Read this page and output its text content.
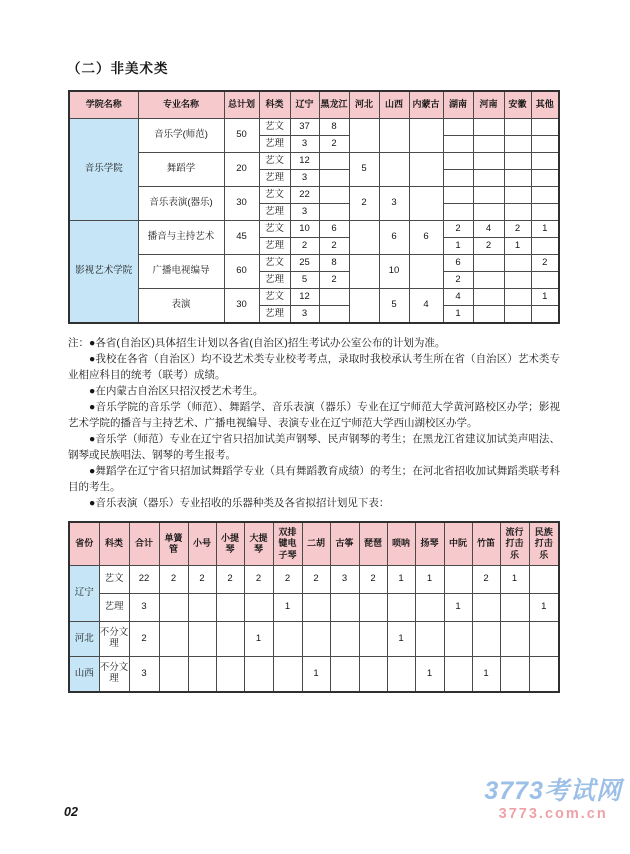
（二）非美术类
学院名称	专业名称	总计划	科类	辽宁	黑龙江	河北	山西	内蒙古	湖南	河南	安徽	其他
音乐学院	音乐学(师范)	50	艺文	37	8							
			艺理	3	2							
	舞蹈学	20	艺文	12		5						
			艺理	3								
	音乐表演(器乐)	30	艺文	22		2	3					
			艺理	3								
影视艺术学院	播音与主持艺术	45	艺文	10	6		6	6	2	4	2	1
			艺理	2	2				1	2	1	
	广播电视编导	60	艺文	25	8		10		6			2
			艺理	5	2				2			
	表演	30	艺文	12			5	4	4			1
			艺理	3					1			

注：●各省(自治区)具体招生计划以各省(自治区)招生考试办公室公布的计划为准。

●我校在各省（自治区）均不设艺术类专业校考考点，录取时我校承认考生所在省（自治区）艺术类专业相应科目的统考（联考）成绩。

●在内蒙古自治区只招汉授艺术考生。

●音乐学院的音乐学（师范）、舞蹈学、音乐表演（器乐）专业在辽宁师范大学黄河路校区办学；影视艺术学院的播音与主持艺术、广播电视编导、表演专业在辽宁师范大学西山湖校区办学。

●音乐学（师范）专业在辽宁省只招加试美声钢琴、民声钢琴的考生；在黑龙江省建议加试美声唱法、钢琴或民族唱法、钢琴的考生报考。

●舞蹈学在辽宁省只招加试舞蹈学专业（具有舞蹈教育成绩）的考生；在河北省招收加试舞蹈类联考科目的考生。

●音乐表演（器乐）专业招收的乐器种类及各省拟招计划见下表：

省份	科类	合计	单簧管	小号	小提琴	大提琴	双排键电子琴	二胡	古筝	琵琶	唢呐	扬琴	中阮	竹笛	流行打击乐	民族打击乐
辽宁	艺文	22	2	2	2	2	2	2	3	2	1	1		2	1	
	艺理	3					1						1			1
河北	不分文理	2				1					1					
山西	不分文理	3						1				1		1		
02
3773考试网
3773.com.cn
